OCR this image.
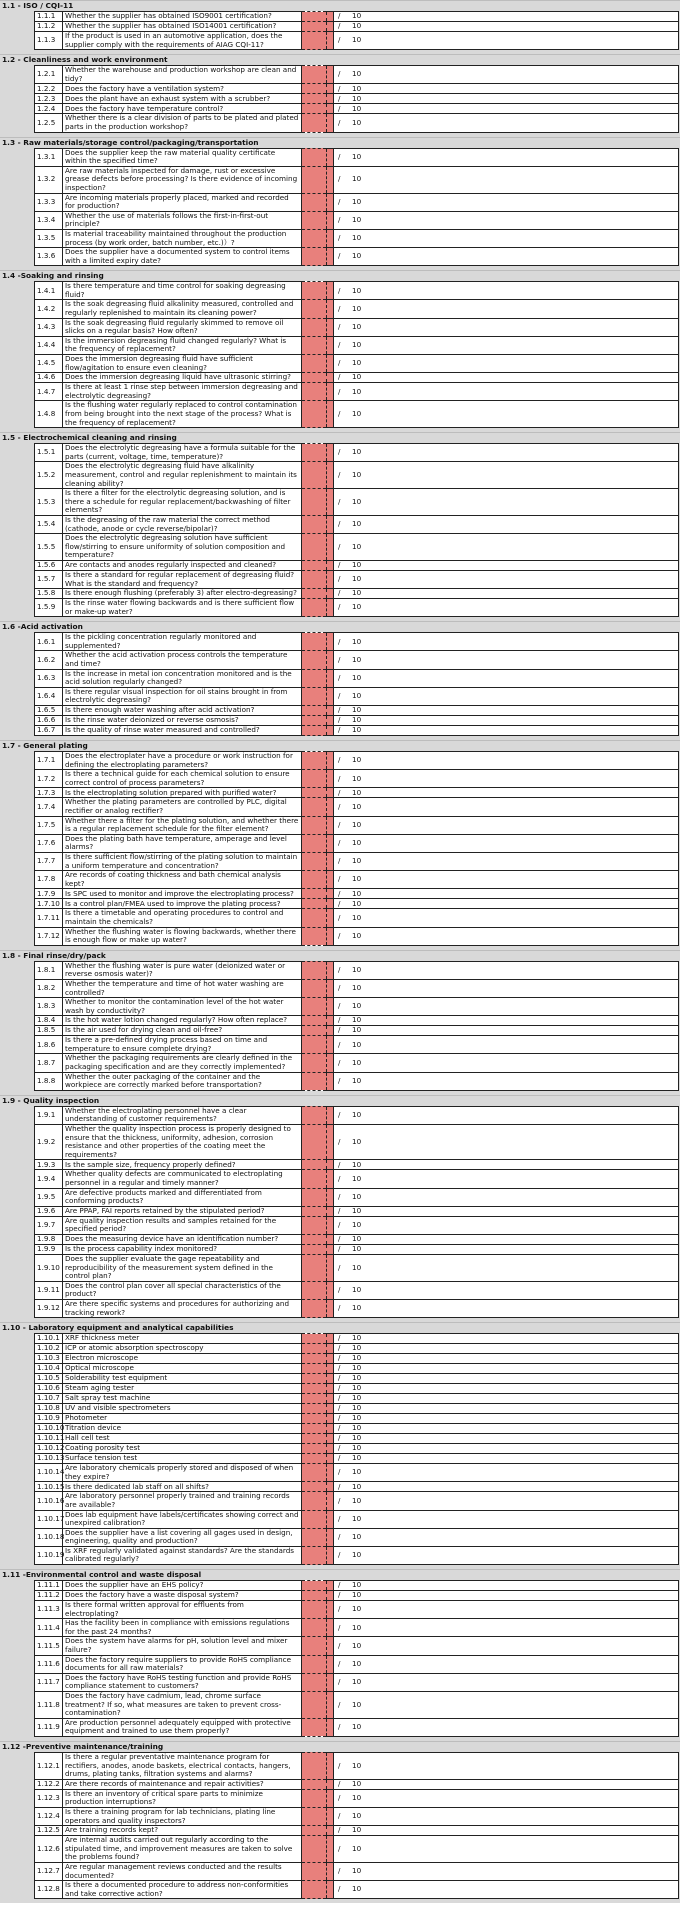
1.1 - ISO / CQI-11
1.1.1	Whether the supplier has obtained ISO9001 certification?			/ 10
1.1.2	Whether the supplier has obtained ISO14001 certification?			/ 10
1.1.3	If the product is used in an automotive application, does the supplier comply with the requirements of AIAG CQI-11?			/ 10
1.2 - Cleanliness and work environment
1.2.1	Whether the warehouse and production workshop are clean and tidy?			/ 10
1.2.2	Does the factory have a ventilation system?			/ 10
1.2.3	Does the plant have an exhaust system with a scrubber?			/ 10
1.2.4	Does the factory have temperature control?			/ 10
1.2.5	Whether there is a clear division of parts to be plated and plated parts in the production workshop?			/ 10
1.3 - Raw materials/storage control/packaging/transportation
1.3.1	Does the supplier keep the raw material quality certificate within the specified time?			/ 10
1.3.2	Are raw materials inspected for damage, rust or excessive grease defects before processing? Is there evidence of incoming inspection?			/ 10
1.3.3	Are incoming materials properly placed, marked and recorded for production?			/ 10
1.3.4	Whether the use of materials follows the first-in-first-out principle?			/ 10
1.3.5	Is material traceability maintained throughout the production process (by work order, batch number, etc.)）?			/ 10
1.3.6	Does the supplier have a documented system to control items with a limited expiry date?			/ 10
1.4 -Soaking and rinsing
1.4.1	Is there temperature and time control for soaking degreasing fluid?			/ 10
1.4.2	Is the soak degreasing fluid alkalinity measured, controlled and regularly replenished to maintain its cleaning power?			/ 10
1.4.3	Is the soak degreasing fluid regularly skimmed to remove oil slicks on a regular basis? How often?			/ 10
1.4.4	Is the immersion degreasing fluid changed regularly? What is the frequency of replacement?			/ 10
1.4.5	Does the immersion degreasing fluid have sufficient flow/agitation to ensure even cleaning?			/ 10
1.4.6	Does the immersion degreasing liquid have ultrasonic stirring?			/ 10
1.4.7	Is there at least 1 rinse step between immersion degreasing and electrolytic degreasing?			/ 10
1.4.8	Is the flushing water regularly replaced to control contamination from being brought into the next stage of the process? What is the frequency of replacement?			/ 10
1.5 - Electrochemical cleaning and rinsing
1.5.1	Does the electrolytic degreasing have a formula suitable for the parts (current, voltage, time, temperature)?			/ 10
1.5.2	Does the electrolytic degreasing fluid have alkalinity measurement, control and regular replenishment to maintain its cleaning ability?			/ 10
1.5.3	Is there a filter for the electrolytic degreasing solution, and is there a schedule for regular replacement/backwashing of filter elements?			/ 10
1.5.4	Is the degreasing of the raw material the correct method (cathode, anode or cycle reverse/bipolar)?			/ 10
1.5.5	Does the electrolytic degreasing solution have sufficient flow/stirring to ensure uniformity of solution composition and temperature?			/ 10
1.5.6	Are contacts and anodes regularly inspected and cleaned?			/ 10
1.5.7	Is there a standard for regular replacement of degreasing fluid? What is the standard and frequency?			/ 10
1.5.8	Is there enough flushing (preferably 3) after electro-degreasing?			/ 10
1.5.9	Is the rinse water flowing backwards and is there sufficient flow or make-up water?			/ 10
1.6 -Acid activation
1.6.1	Is the pickling concentration regularly monitored and supplemented?			/ 10
1.6.2	Whether the acid activation process controls the temperature and time?			/ 10
1.6.3	Is the increase in metal ion concentration monitored and is the acid solution regularly changed?			/ 10
1.6.4	Is there regular visual inspection for oil stains brought in from electrolytic degreasing?			/ 10
1.6.5	Is there enough water washing after acid activation?			/ 10
1.6.6	Is the rinse water deionized or reverse osmosis?			/ 10
1.6.7	Is the quality of rinse water measured and controlled?			/ 10
1.7 - General plating
1.7.1	Does the electroplater have a procedure or work instruction for defining the electroplating parameters?			/ 10
1.7.2	Is there a technical guide for each chemical solution to ensure correct control of process parameters?			/ 10
1.7.3	Is the electroplating solution prepared with purified water?			/ 10
1.7.4	Whether the plating parameters are controlled by PLC, digital rectifier or analog rectifier?			/ 10
1.7.5	Whether there a filter for the plating solution, and whether there is a regular replacement schedule for the filter element?			/ 10
1.7.6	Does the plating bath have temperature, amperage and level alarms?			/ 10
1.7.7	Is there sufficient flow/stirring of the plating solution to maintain a uniform temperature and concentration?			/ 10
1.7.8	Are records of coating thickness and bath chemical analysis kept?			/ 10
1.7.9	Is SPC used to monitor and improve the electroplating process?			/ 10
1.7.10	Is a control plan/FMEA used to improve the plating process?			/ 10
1.7.11	Is there a timetable and operating procedures to control and maintain the chemicals?			/ 10
1.7.12	Whether the flushing water is flowing backwards, whether there is enough flow or make up water?			/ 10
1.8 - Final rinse/dry/pack
1.8.1	Whether the flushing water is pure water (deionized water or reverse osmosis water)?			/ 10
1.8.2	Whether the temperature and time of hot water washing are controlled?			/ 10
1.8.3	Whether to monitor the contamination level of the hot water wash by conductivity?			/ 10
1.8.4	Is the hot water lotion changed regularly? How often replace?			/ 10
1.8.5	Is the air used for drying clean and oil-free?			/ 10
1.8.6	Is there a pre-defined drying process based on time and temperature to ensure complete drying?			/ 10
1.8.7	Whether the packaging requirements are clearly defined in the packaging specification and are they correctly implemented?			/ 10
1.8.8	Whether the outer packaging of the container and the workpiece are correctly marked before transportation?			/ 10
1.9 - Quality inspection
1.9.1	Whether the electroplating personnel have a clear understanding of customer requirements?			/ 10
1.9.2	Whether the quality inspection process is properly designed to ensure that the thickness, uniformity, adhesion, corrosion resistance and other properties of the coating meet the requirements?			/ 10
1.9.3	Is the sample size, frequency properly defined?			/ 10
1.9.4	Whether quality defects are communicated to electroplating personnel in a regular and timely manner?			/ 10
1.9.5	Are defective products marked and differentiated from conforming products?			/ 10
1.9.6	Are PPAP, FAI reports retained by the stipulated period?			/ 10
1.9.7	Are quality inspection results and samples retained for the specified period?			/ 10
1.9.8	Does the measuring device have an identification number?			/ 10
1.9.9	Is the process capability index monitored?			/ 10
1.9.10	Does the supplier evaluate the gage repeatability and reproducibility of the measurement system defined in the control plan?			/ 10
1.9.11	Does the control plan cover all special characteristics of the product?			/ 10
1.9.12	Are there specific systems and procedures for authorizing and tracking rework?			/ 10
1.10 - Laboratory equipment and analytical capabilities
1.10.1	XRF thickness meter			/ 10
1.10.2	ICP or atomic absorption spectroscopy			/ 10
1.10.3	Electron microscope			/ 10
1.10.4	Optical microscope			/ 10
1.10.5	Solderability test equipment			/ 10
1.10.6	Steam aging tester			/ 10
1.10.7	Salt spray test machine			/ 10
1.10.8	UV and visible spectrometers			/ 10
1.10.9	Photometer			/ 10
1.10.10	Titration device			/ 10
1.10.11	Hall cell test			/ 10
1.10.12	Coating porosity test			/ 10
1.10.13	Surface tension test			/ 10
1.10.14	Are laboratory chemicals properly stored and disposed of when they expire?			/ 10
1.10.15	Is there dedicated lab staff on all shifts?			/ 10
1.10.16	Are laboratory personnel properly trained and training records are available?			/ 10
1.10.17	Does lab equipment have labels/certificates showing correct and unexpired calibration?			/ 10
1.10.18	Does the supplier have a list covering all gages used in design, engineering, quality and production?			/ 10
1.10.19	Is XRF regularly validated against standards? Are the standards calibrated regularly?			/ 10
1.11 -Environmental control and waste disposal
1.11.1	Does the supplier have an EHS policy?			/ 10
1.11.2	Does the factory have a waste disposal system?			/ 10
1.11.3	Is there formal written approval for effluents from electroplating?			/ 10
1.11.4	Has the facility been in compliance with emissions regulations for the past 24 months?			/ 10
1.11.5	Does the system have alarms for pH, solution level and mixer failure?			/ 10
1.11.6	Does the factory require suppliers to provide RoHS compliance documents for all raw materials?			/ 10
1.11.7	Does the factory have RoHS testing function and provide RoHS compliance statement to customers?			/ 10
1.11.8	Does the factory have cadmium, lead, chrome surface treatment? If so, what measures are taken to prevent cross-contamination?			/ 10
1.11.9	Are production personnel adequately equipped with protective equipment and trained to use them properly?			/ 10
1.12 -Preventive maintenance/training
1.12.1	Is there a regular preventative maintenance program for rectifiers, anodes, anode baskets, electrical contacts, hangers, drums, plating tanks, filtration systems and alarms?			/ 10
1.12.2	Are there records of maintenance and repair activities?			/ 10
1.12.3	Is there an inventory of critical spare parts to minimize production interruptions?			/ 10
1.12.4	Is there a training program for lab technicians, plating line operators and quality inspectors?			/ 10
1.12.5	Are training records kept?			/ 10
1.12.6	Are internal audits carried out regularly according to the stipulated time, and improvement measures are taken to solve the problems found?			/ 10
1.12.7	Are regular management reviews conducted and the results documented?			/ 10
1.12.8	Is there a documented procedure to address non-conformities and take corrective action?			/ 10
